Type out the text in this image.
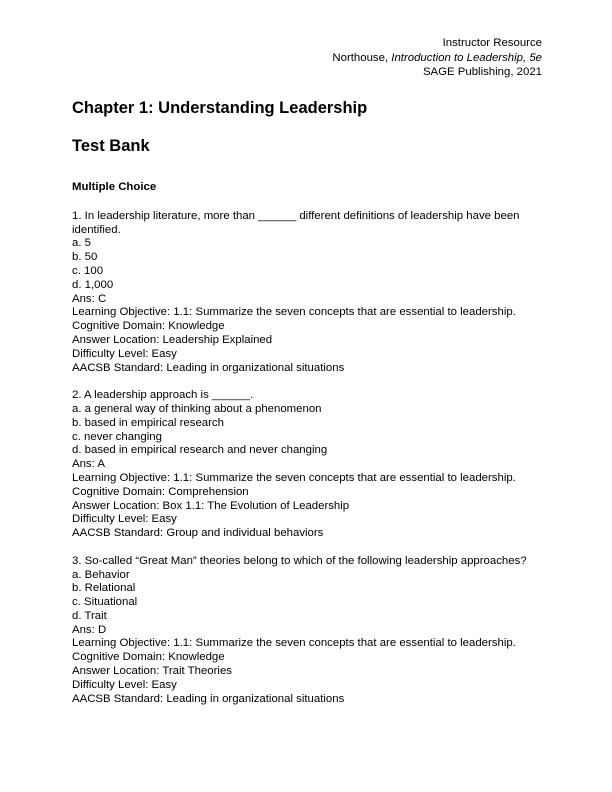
Instructor Resource
Northouse, Introduction to Leadership, 5e
SAGE Publishing, 2021
Chapter 1: Understanding Leadership
Test Bank
Multiple Choice
1. In leadership literature, more than ______ different definitions of leadership have been identified.
a. 5
b. 50
c. 100
d. 1,000
Ans: C
Learning Objective: 1.1: Summarize the seven concepts that are essential to leadership.
Cognitive Domain: Knowledge
Answer Location: Leadership Explained
Difficulty Level: Easy
AACSB Standard: Leading in organizational situations
2. A leadership approach is ______.
a. a general way of thinking about a phenomenon
b. based in empirical research
c. never changing
d. based in empirical research and never changing
Ans: A
Learning Objective: 1.1: Summarize the seven concepts that are essential to leadership.
Cognitive Domain: Comprehension
Answer Location: Box 1.1: The Evolution of Leadership
Difficulty Level: Easy
AACSB Standard: Group and individual behaviors
3. So-called “Great Man” theories belong to which of the following leadership approaches?
a. Behavior
b. Relational
c. Situational
d. Trait
Ans: D
Learning Objective: 1.1: Summarize the seven concepts that are essential to leadership.
Cognitive Domain: Knowledge
Answer Location: Trait Theories
Difficulty Level: Easy
AACSB Standard: Leading in organizational situations
